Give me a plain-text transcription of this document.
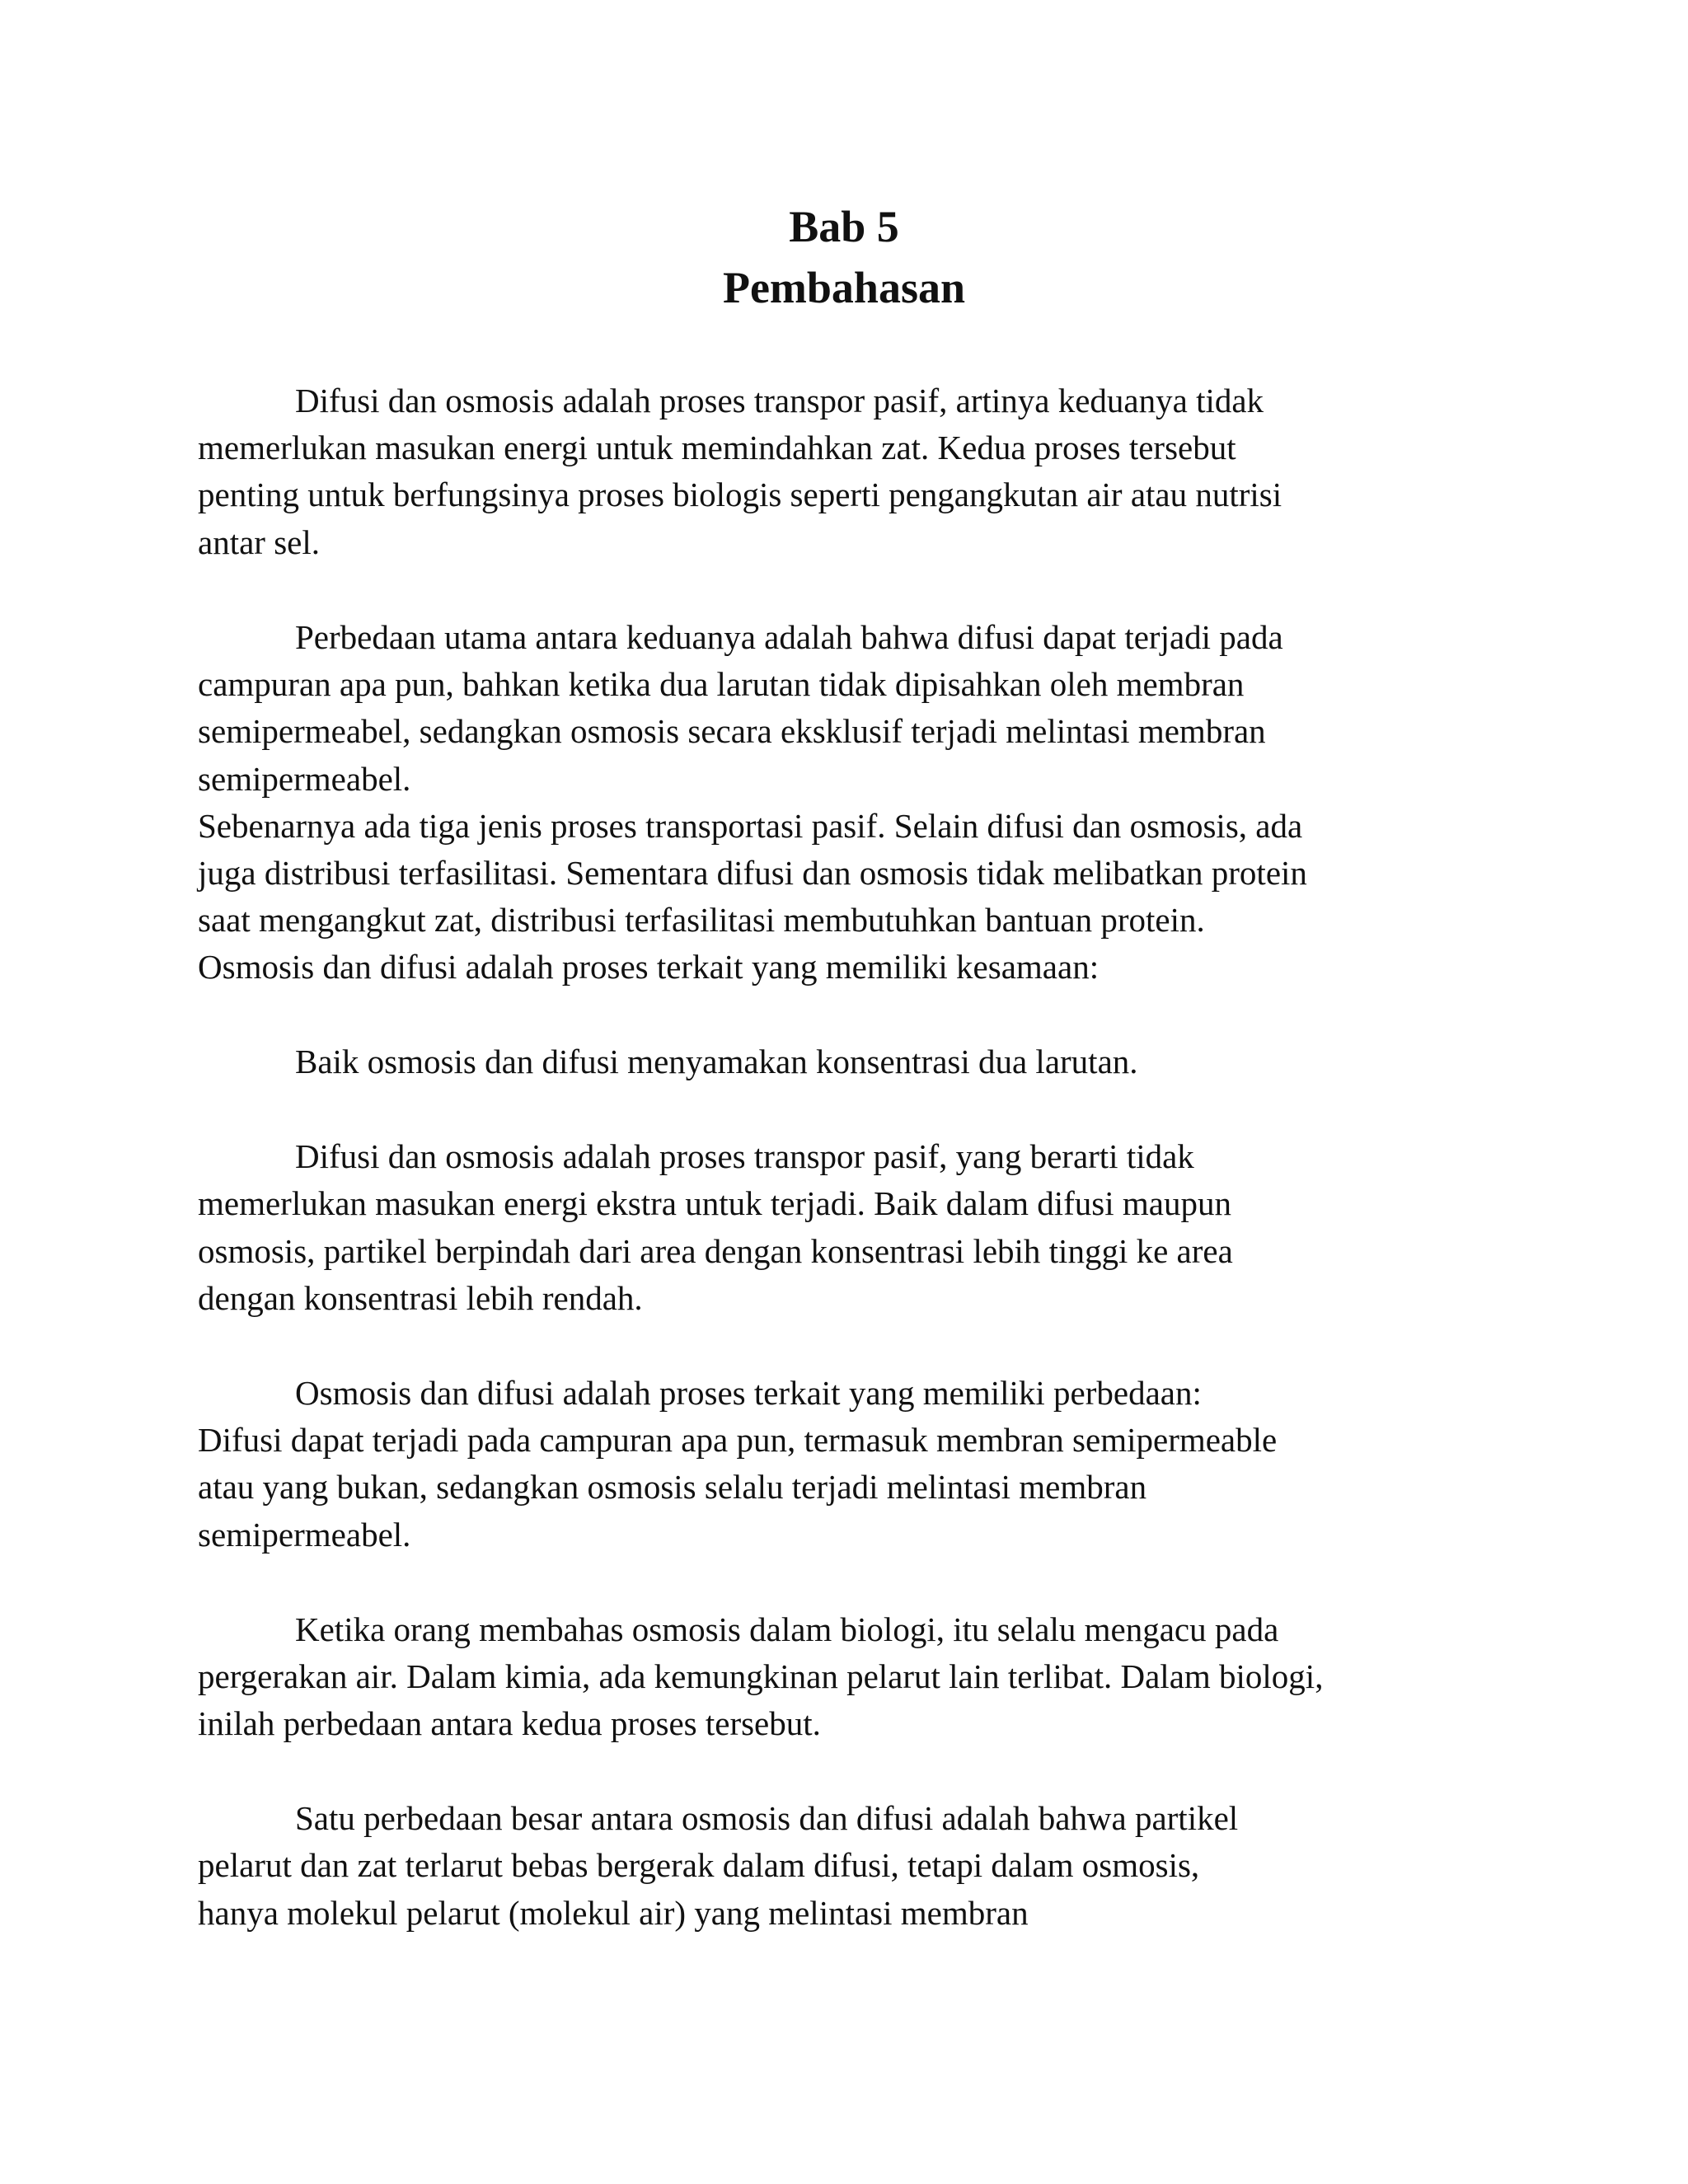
Bab 5
Pembahasan

Difusi dan osmosis adalah proses transpor pasif, artinya keduanya tidak

memerlukan masukan energi untuk memindahkan zat. Kedua proses tersebut

penting untuk berfungsinya proses biologis seperti pengangkutan air atau nutrisi

antar sel.

Perbedaan utama antara keduanya adalah bahwa difusi dapat terjadi pada

campuran apa pun, bahkan ketika dua larutan tidak dipisahkan oleh membran

semipermeabel, sedangkan osmosis secara eksklusif terjadi melintasi membran

semipermeabel.

Sebenarnya ada tiga jenis proses transportasi pasif. Selain difusi dan osmosis, ada

juga distribusi terfasilitasi. Sementara difusi dan osmosis tidak melibatkan protein

saat mengangkut zat, distribusi terfasilitasi membutuhkan bantuan protein.

Osmosis dan difusi adalah proses terkait yang memiliki kesamaan:

Baik osmosis dan difusi menyamakan konsentrasi dua larutan.

Difusi dan osmosis adalah proses transpor pasif, yang berarti tidak

memerlukan masukan energi ekstra untuk terjadi. Baik dalam difusi maupun

osmosis, partikel berpindah dari area dengan konsentrasi lebih tinggi ke area

dengan konsentrasi lebih rendah.

Osmosis dan difusi adalah proses terkait yang memiliki perbedaan:

Difusi dapat terjadi pada campuran apa pun, termasuk membran semipermeable

atau yang bukan, sedangkan osmosis selalu terjadi melintasi membran

semipermeabel.

Ketika orang membahas osmosis dalam biologi, itu selalu mengacu pada

pergerakan air. Dalam kimia, ada kemungkinan pelarut lain terlibat. Dalam biologi,

inilah perbedaan antara kedua proses tersebut.

Satu perbedaan besar antara osmosis dan difusi adalah bahwa partikel

pelarut dan zat terlarut bebas bergerak dalam difusi, tetapi dalam osmosis,

hanya molekul pelarut (molekul air) yang melintasi membran
